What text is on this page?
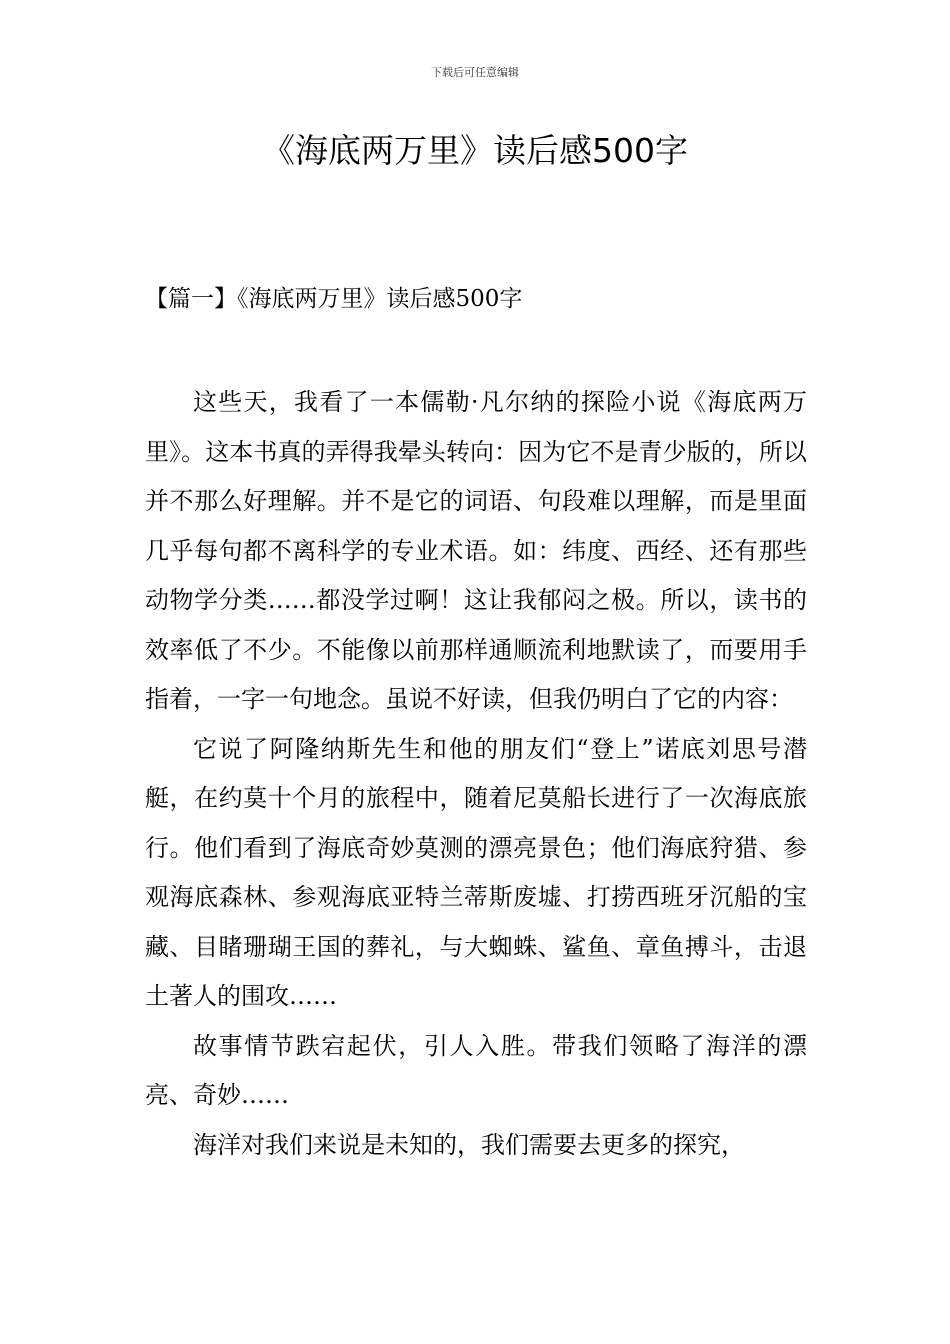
下载后可任意编辑
《海底两万里》读后感500字
【篇一】《海底两万里》读后感500字

这些天，我看了一本儒勒·凡尔纳的探险小说《海底两万里》。这本书真的弄得我晕头转向：因为它不是青少版的，所以并不那么好理解。并不是它的词语、句段难以理解，而是里面几乎每句都不离科学的专业术语。如：纬度、西经、还有那些动物学分类……都没学过啊！这让我郁闷之极。所以，读书的效率低了不少。不能像以前那样通顺流利地默读了，而要用手指着，一字一句地念。虽说不好读，但我仍明白了它的内容：

它说了阿隆纳斯先生和他的朋友们“登上”诺底刘思号潜艇，在约莫十个月的旅程中，随着尼莫船长进行了一次海底旅行。他们看到了海底奇妙莫测的漂亮景色；他们海底狩猎、参观海底森林、参观海底亚特兰蒂斯废墟、打捞西班牙沉船的宝藏、目睹珊瑚王国的葬礼，与大蜘蛛、鲨鱼、章鱼搏斗，击退土著人的围攻……

故事情节跌宕起伏，引人入胜。带我们领略了海洋的漂亮、奇妙……

海洋对我们来说是未知的，我们需要去更多的探究，
